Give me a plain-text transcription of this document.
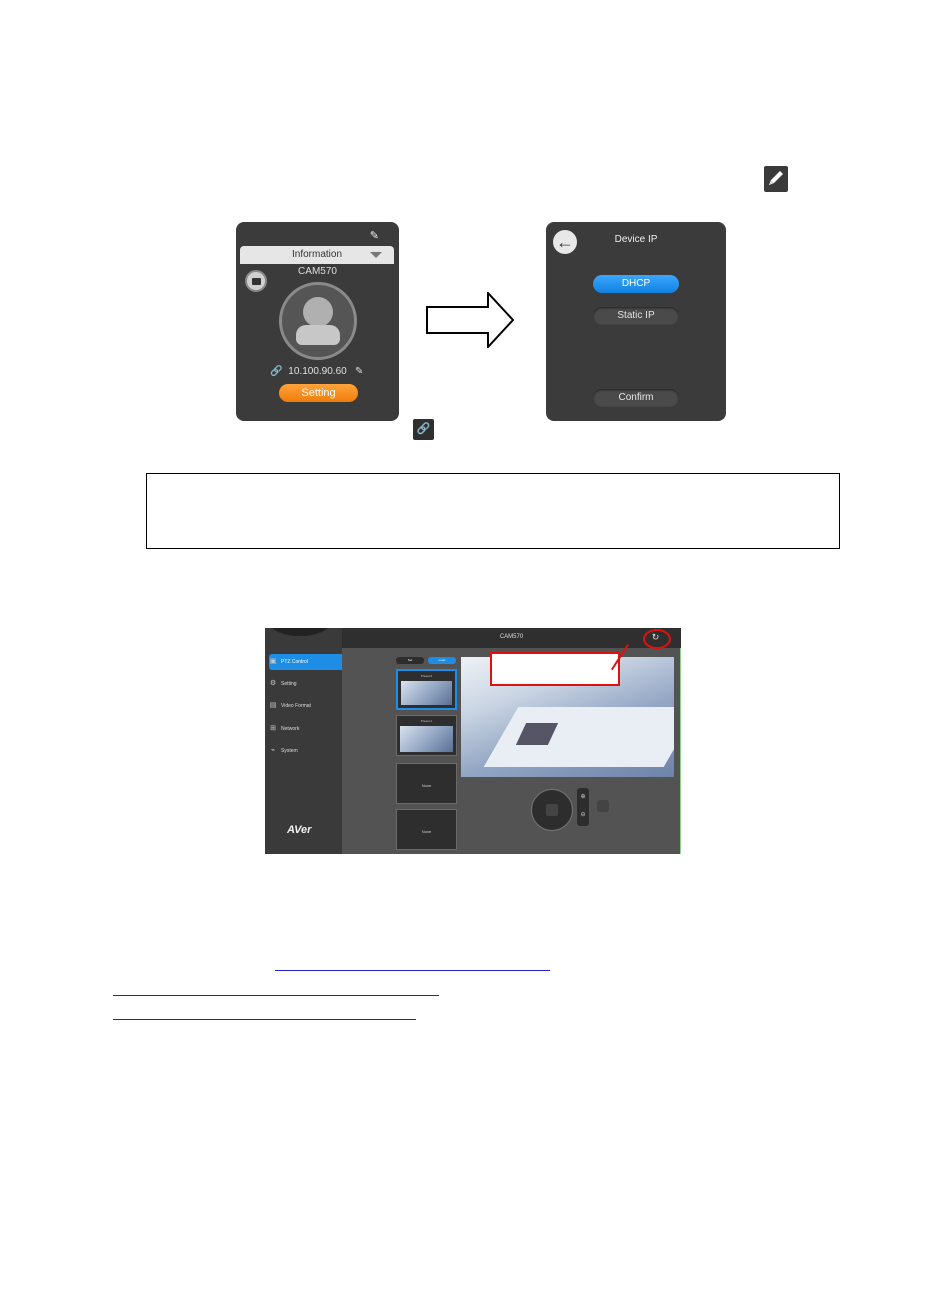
✎
Information
CAM570
🔗 10.100.90.60 ✎
Setting
←
Device IP
DHCP
Static IP
Confirm
🔗
▣ PTZ Control
⚙ Setting
▤ Video Format
⊞ Network
⌁ System
AVer
CAM570	↻
Set	Load
Preset 0
Preset 1
None
None
⊕
⊖
